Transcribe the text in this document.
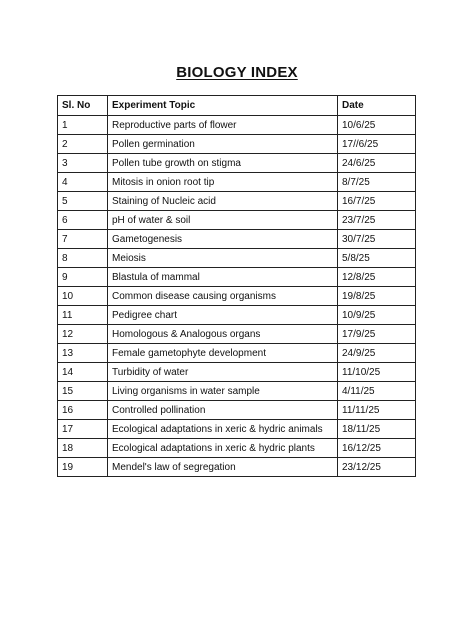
BIOLOGY INDEX
Sl. No	Experiment Topic	Date
1	Reproductive parts of flower	10/6/25
2	Pollen germination	17//6/25
3	Pollen tube growth on stigma	24/6/25
4	Mitosis in onion root tip	8/7/25
5	Staining of Nucleic acid	16/7/25
6	pH of water & soil	23/7/25
7	Gametogenesis	30/7/25
8	Meiosis	5/8/25
9	Blastula of mammal	12/8/25
10	Common disease causing organisms	19/8/25
11	Pedigree chart	10/9/25
12	Homologous & Analogous organs	17/9/25
13	Female gametophyte development	24/9/25
14	Turbidity of water	11/10/25
15	Living organisms in water sample	4/11/25
16	Controlled pollination	11/11/25
17	Ecological adaptations in xeric & hydric animals	18/11/25
18	Ecological adaptations in xeric & hydric plants	16/12/25
19	Mendel's law of segregation	23/12/25
